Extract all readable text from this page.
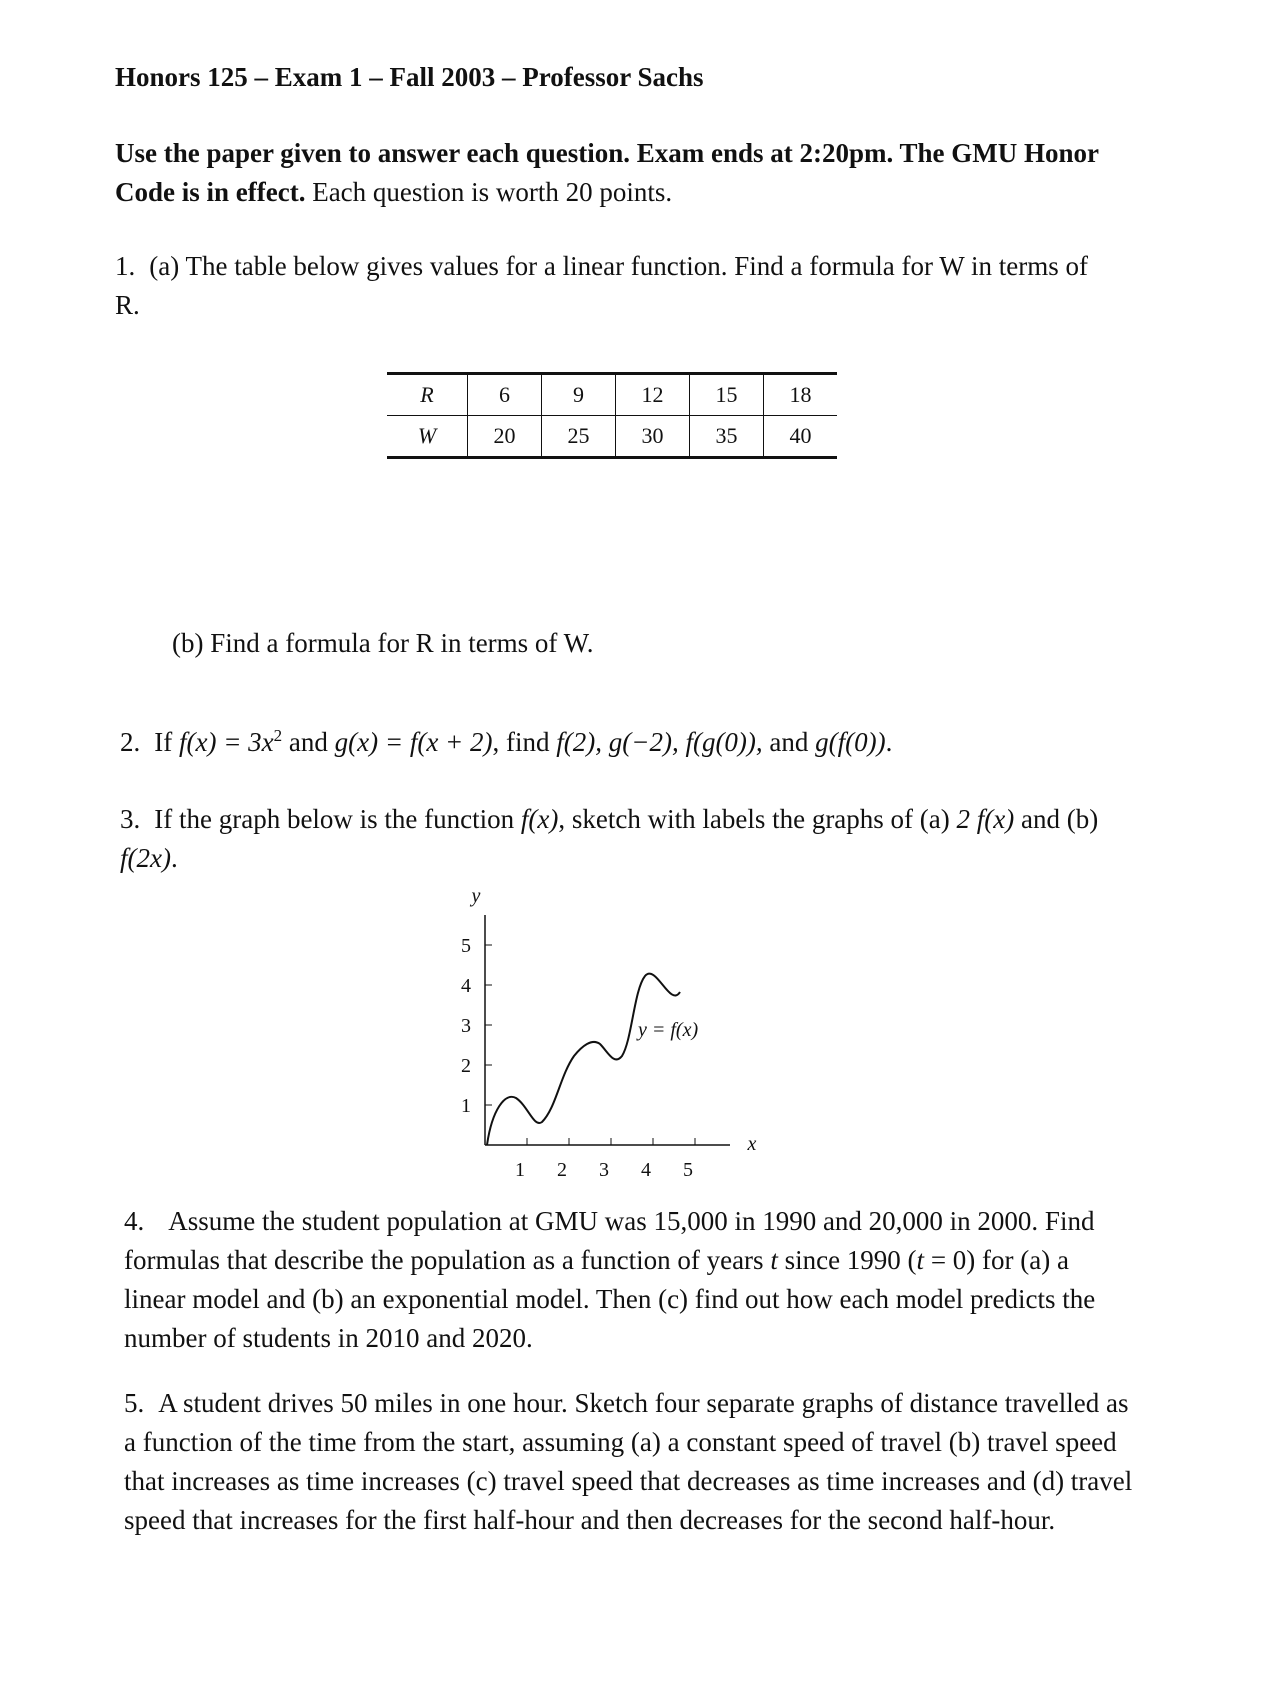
Honors 125 – Exam 1 – Fall 2003 – Professor Sachs
Use the paper given to answer each question. Exam ends at 2:20pm. The GMU Honor Code is in effect. Each question is worth 20 points.
1. (a) The table below gives values for a linear function. Find a formula for W in terms of R.
R	6	9	12	15	18
W	20	25	30	35	40
(b) Find a formula for R in terms of W.
2. If $f(x) = 3x^2$ and g(x) = f(x + 2), find f(2), g(−2), f(g(0)), and g(f(0)).
3. If the graph below is the function f(x), sketch with labels the graphs of (a) 2 f(x) and (b) f(2x).
y
x
1
2
3
4
5
1 2 3 4 5
y = f(x)
4. Assume the student population at GMU was 15,000 in 1990 and 20,000 in 2000. Find formulas that describe the population as a function of years t since 1990 (t = 0) for (a) a linear model and (b) an exponential model. Then (c) find out how each model predicts the number of students in 2010 and 2020.
5. A student drives 50 miles in one hour. Sketch four separate graphs of distance travelled as a function of the time from the start, assuming (a) a constant speed of travel (b) travel speed that increases as time increases (c) travel speed that decreases as time increases and (d) travel speed that increases for the first half-hour and then decreases for the second half-hour.
